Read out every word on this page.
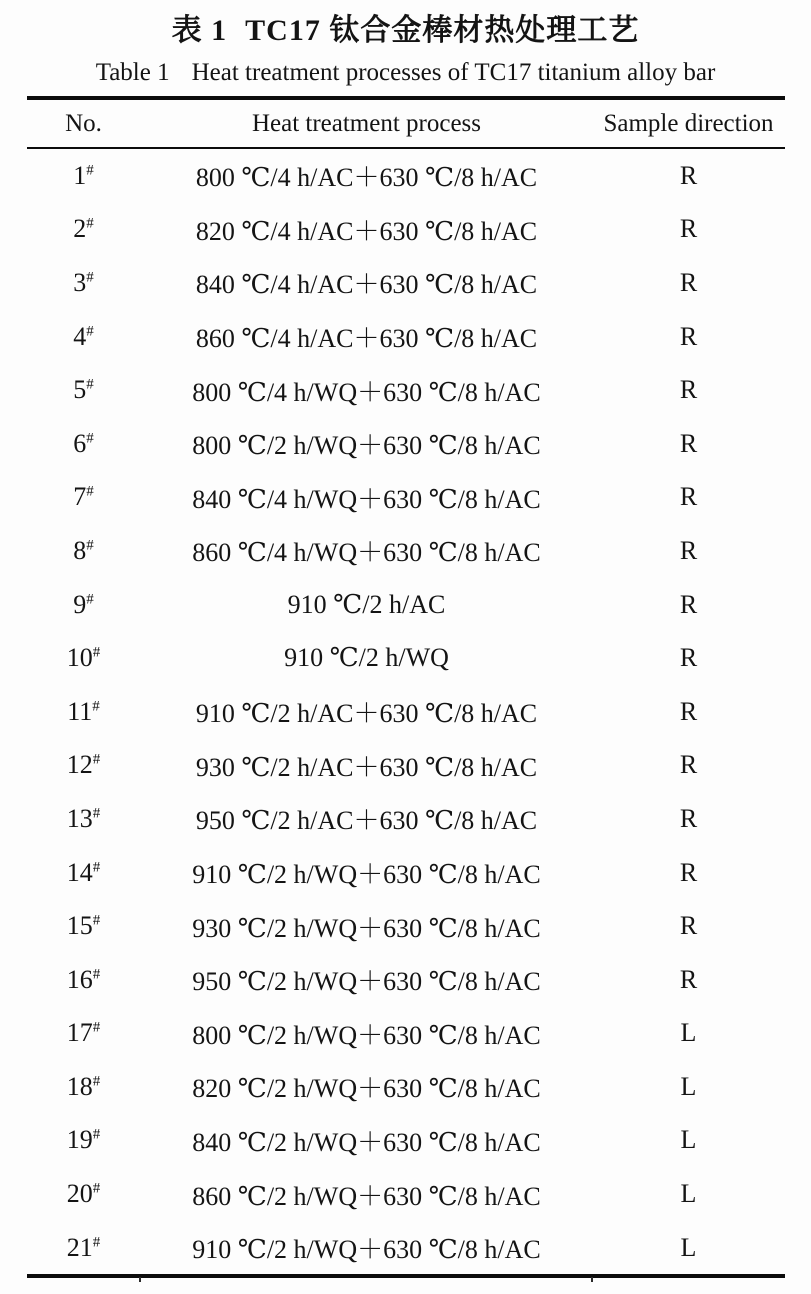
表 1 TC17 钛合金棒材热处理工艺
Table 1 Heat treatment processes of TC17 titanium alloy bar
No.	Heat treatment process	Sample direction
1#	800 ℃/4 h/AC＋630 ℃/8 h/AC	R
2#	820 ℃/4 h/AC＋630 ℃/8 h/AC	R
3#	840 ℃/4 h/AC＋630 ℃/8 h/AC	R
4#	860 ℃/4 h/AC＋630 ℃/8 h/AC	R
5#	800 ℃/4 h/WQ＋630 ℃/8 h/AC	R
6#	800 ℃/2 h/WQ＋630 ℃/8 h/AC	R
7#	840 ℃/4 h/WQ＋630 ℃/8 h/AC	R
8#	860 ℃/4 h/WQ＋630 ℃/8 h/AC	R
9#	910 ℃/2 h/AC	R
10#	910 ℃/2 h/WQ	R
11#	910 ℃/2 h/AC＋630 ℃/8 h/AC	R
12#	930 ℃/2 h/AC＋630 ℃/8 h/AC	R
13#	950 ℃/2 h/AC＋630 ℃/8 h/AC	R
14#	910 ℃/2 h/WQ＋630 ℃/8 h/AC	R
15#	930 ℃/2 h/WQ＋630 ℃/8 h/AC	R
16#	950 ℃/2 h/WQ＋630 ℃/8 h/AC	R
17#	800 ℃/2 h/WQ＋630 ℃/8 h/AC	L
18#	820 ℃/2 h/WQ＋630 ℃/8 h/AC	L
19#	840 ℃/2 h/WQ＋630 ℃/8 h/AC	L
20#	860 ℃/2 h/WQ＋630 ℃/8 h/AC	L
21#	910 ℃/2 h/WQ＋630 ℃/8 h/AC	L
